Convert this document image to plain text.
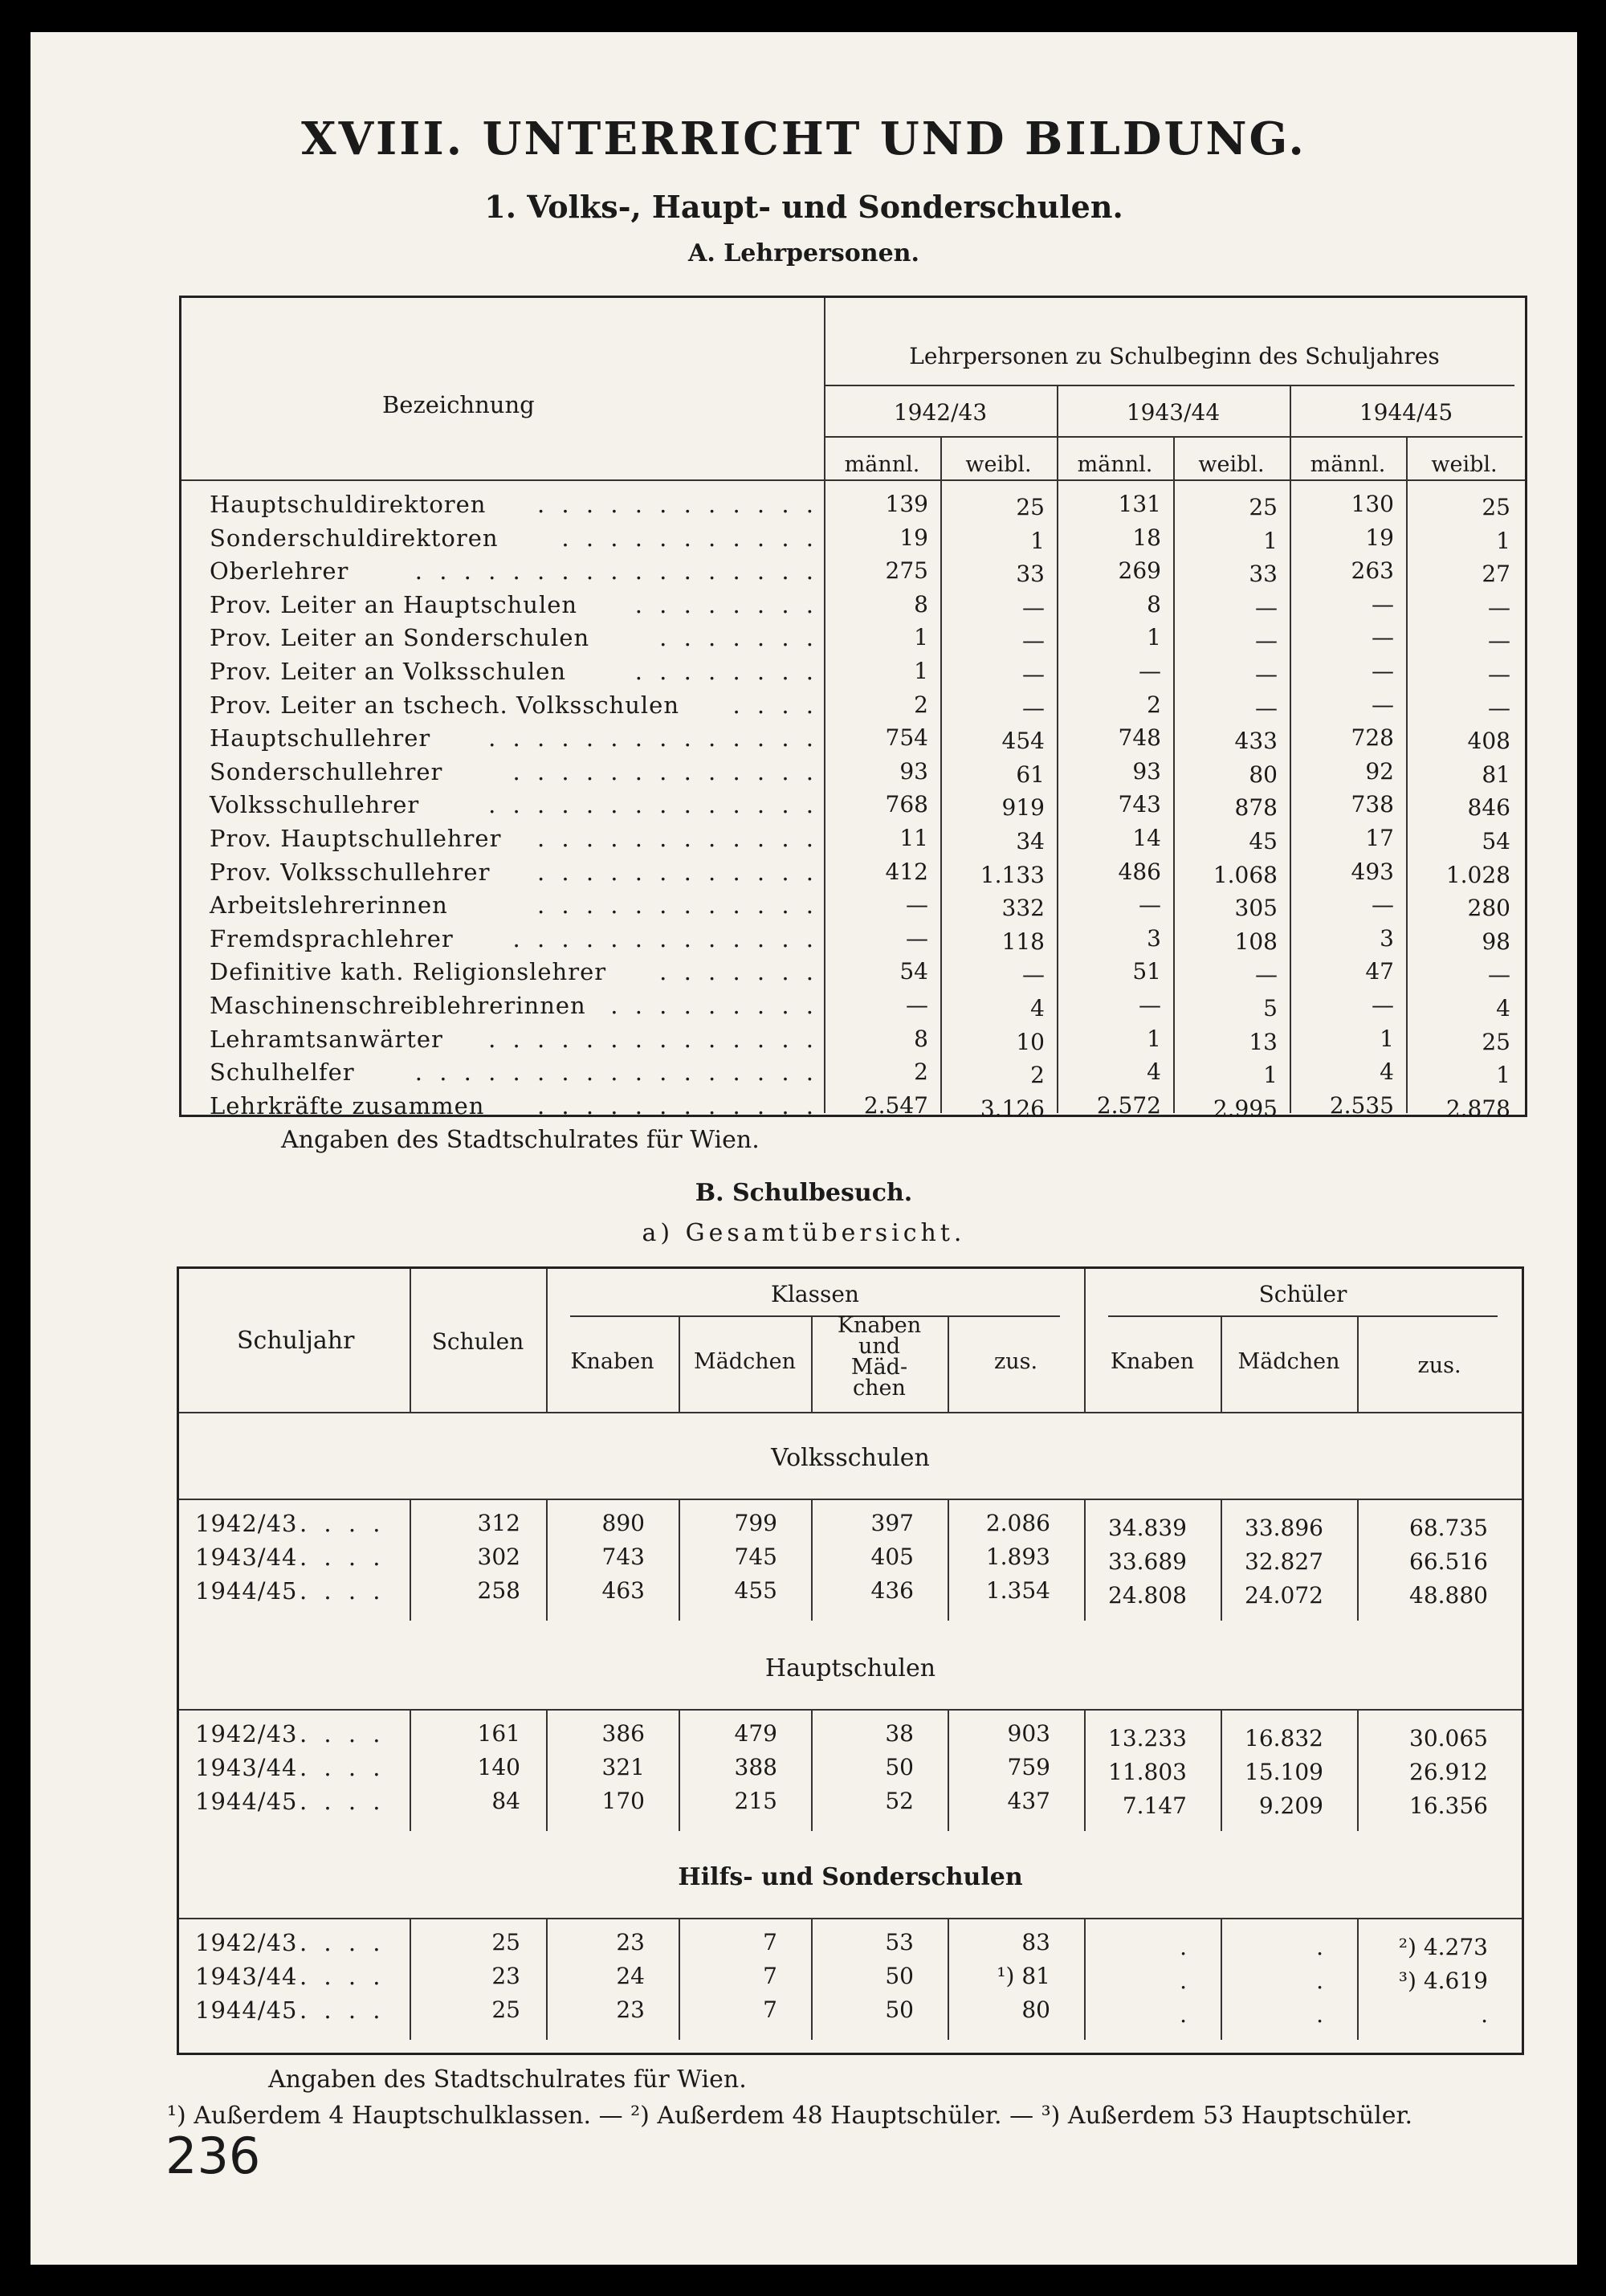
XVIII. UNTERRICHT UND BILDUNG.
1. Volks-, Haupt- und Sonderschulen.
A. Lehrpersonen.
Bezeichnung
Lehrpersonen zu Schulbeginn des Schuljahres
1942/43	1943/44	1944/45
männl.	weibl.	männl.	weibl.	männl.	weibl.
Hauptschuldirektoren . . . . . . . . . . . .	139	25	131	25	130	25
Sonderschuldirektoren	. . . . . . . . . . .	19	1	18	1	19	1
Oberlehrer	. . . . . . . . . . . . . . . . .	275	33	269	33	263	27
Prov. Leiter an Hauptschulen . . . . . . . .	8	—	8	—	—	—
Prov. Leiter an Sonderschulen	. . . . . . .	1	—	1	—	—	—
Prov. Leiter an Volksschulen	. . . . . . . .	1	—	—	—	—	—
Prov. Leiter an tschech. Volksschulen . . . .	2	—	2	—	—	—
Hauptschullehrer . . . . . . . . . . . . . .	754	454	748	433	728	408
Sonderschullehrer	. . . . . . . . . . . . .	93	61	93	80	92	81
Volksschullehrer	. . . . . . . . . . . . . .	768	919	743	878	738	846
Prov. Hauptschullehrer . . . . . . . . . . . .	11	34	14	45	17	54
Prov. Volksschullehrer . . . . . . . . . . . .	412	1.133	486	1.068	493	1.028
Arbeitslehrerinnen	. . . . . . . . . . . .	—	332	—	305	—	280
Fremdsprachlehrer	. . . . . . . . . . . . .	—	118	3	108	3	98
Definitive kath. Religionslehrer . . . . . . .	54	—	51	—	47	—
Maschinenschreiblehrerinnen . . . . . . . . .	—	4	—	5	—	4
Lehramtsanwärter . . . . . . . . . . . . . .	8	10	1	13	1	25
Schulhelfer	. . . . . . . . . . . . . . . . .	2	2	4	1	4	1
Lehrkräfte zusammen . . . . . . . . . . . .	2.547	3.126	2.572	2.995	2.535	2.878
Angaben des Stadtschulrates für Wien.
B. Schulbesuch.
a) Gesamtübersicht.
Schuljahr	Schulen
Klassen	Schüler
Knaben	Mädchen
Knaben
und
Mäd-
chen
zus.	Knaben	Mädchen	zus.
Volksschulen
1942/43 . . . .	312	890	799	397	2.086	34.839	33.896	68.735
1943/44 . . . .	302	743	745	405	1.893	33.689	32.827	66.516
1944/45 . . . .	258	463	455	436	1.354	24.808	24.072	48.880
Hauptschulen
1942/43 . . . .	161	386	479	38	903	13.233	16.832	30.065
1943/44 . . . .	140	321	388	50	759	11.803	15.109	26.912
1944/45 . . . .	84	170	215	52	437	7.147	9.209	16.356
Hilfs- und Sonderschulen
1942/43 . . . .	25	23	7	53	83	.	.	²) 4.273
1943/44 . . . .	23	24	7	50	¹) 81	.	.	³) 4.619
1944/45 . . . .	25	23	7	50	80	.	.	.
Angaben des Stadtschulrates für Wien.
¹) Außerdem 4 Hauptschulklassen. — ²) Außerdem 48 Hauptschüler. — ³) Außerdem 53 Hauptschüler.
236
